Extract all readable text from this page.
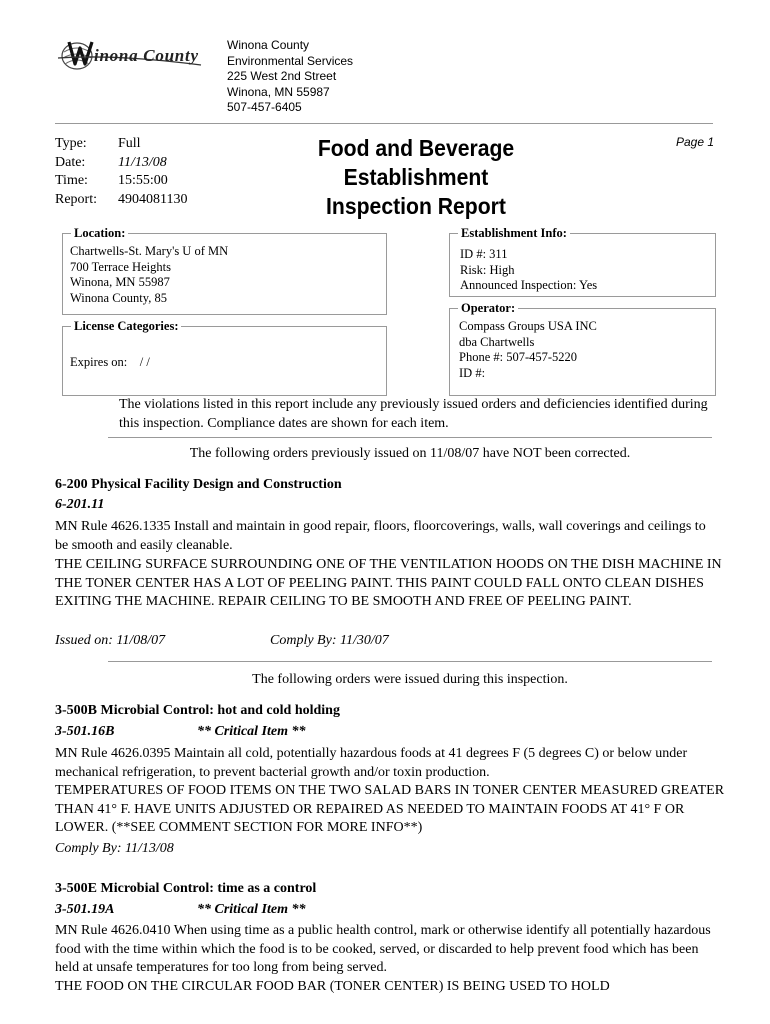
inona County
Winona County
Environmental Services
225 West 2nd Street
Winona, MN 55987
507-457-6405
Type:	Full
Date:	11/13/08
Time:	15:55:00
Report:	4904081130
Food and Beverage Establishment
Inspection Report
Page 1
Location:
Chartwells-St. Mary's U of MN
700 Terrace Heights
Winona, MN 55987
Winona County, 85
License Categories:
Expires on: / /
Establishment Info:
ID #: 311
Risk: High
Announced Inspection: Yes
Operator:
Compass Groups USA INC
dba Chartwells
Phone #: 507-457-5220
ID #:
The violations listed in this report include any previously issued orders and deficiencies identified during this inspection. Compliance dates are shown for each item.
The following orders previously issued on 11/08/07 have NOT been corrected.
6-200 Physical Facility Design and Construction
6-201.11
MN Rule 4626.1335 Install and maintain in good repair, floors, floorcoverings, walls, wall coverings and ceilings to be smooth and easily cleanable.
THE CEILING SURFACE SURROUNDING ONE OF THE VENTILATION HOODS ON THE DISH MACHINE IN THE TONER CENTER HAS A LOT OF PEELING PAINT. THIS PAINT COULD FALL ONTO CLEAN DISHES EXITING THE MACHINE. REPAIR CEILING TO BE SMOOTH AND FREE OF PEELING PAINT.
Issued on: 11/08/07	Comply By: 11/30/07
The following orders were issued during this inspection.
3-500B Microbial Control: hot and cold holding
3-501.16B	** Critical Item **
MN Rule 4626.0395 Maintain all cold, potentially hazardous foods at 41 degrees F (5 degrees C) or below under mechanical refrigeration, to prevent bacterial growth and/or toxin production.
TEMPERATURES OF FOOD ITEMS ON THE TWO SALAD BARS IN TONER CENTER MEASURED GREATER THAN 41° F. HAVE UNITS ADJUSTED OR REPAIRED AS NEEDED TO MAINTAIN FOODS AT 41° F OR LOWER. (**SEE COMMENT SECTION FOR MORE INFO**)
Comply By: 11/13/08
3-500E Microbial Control: time as a control
3-501.19A	** Critical Item **
MN Rule 4626.0410 When using time as a public health control, mark or otherwise identify all potentially hazardous food with the time within which the food is to be cooked, served, or discarded to help prevent food which has been held at unsafe temperatures for too long from being served.
THE FOOD ON THE CIRCULAR FOOD BAR (TONER CENTER) IS BEING USED TO HOLD
